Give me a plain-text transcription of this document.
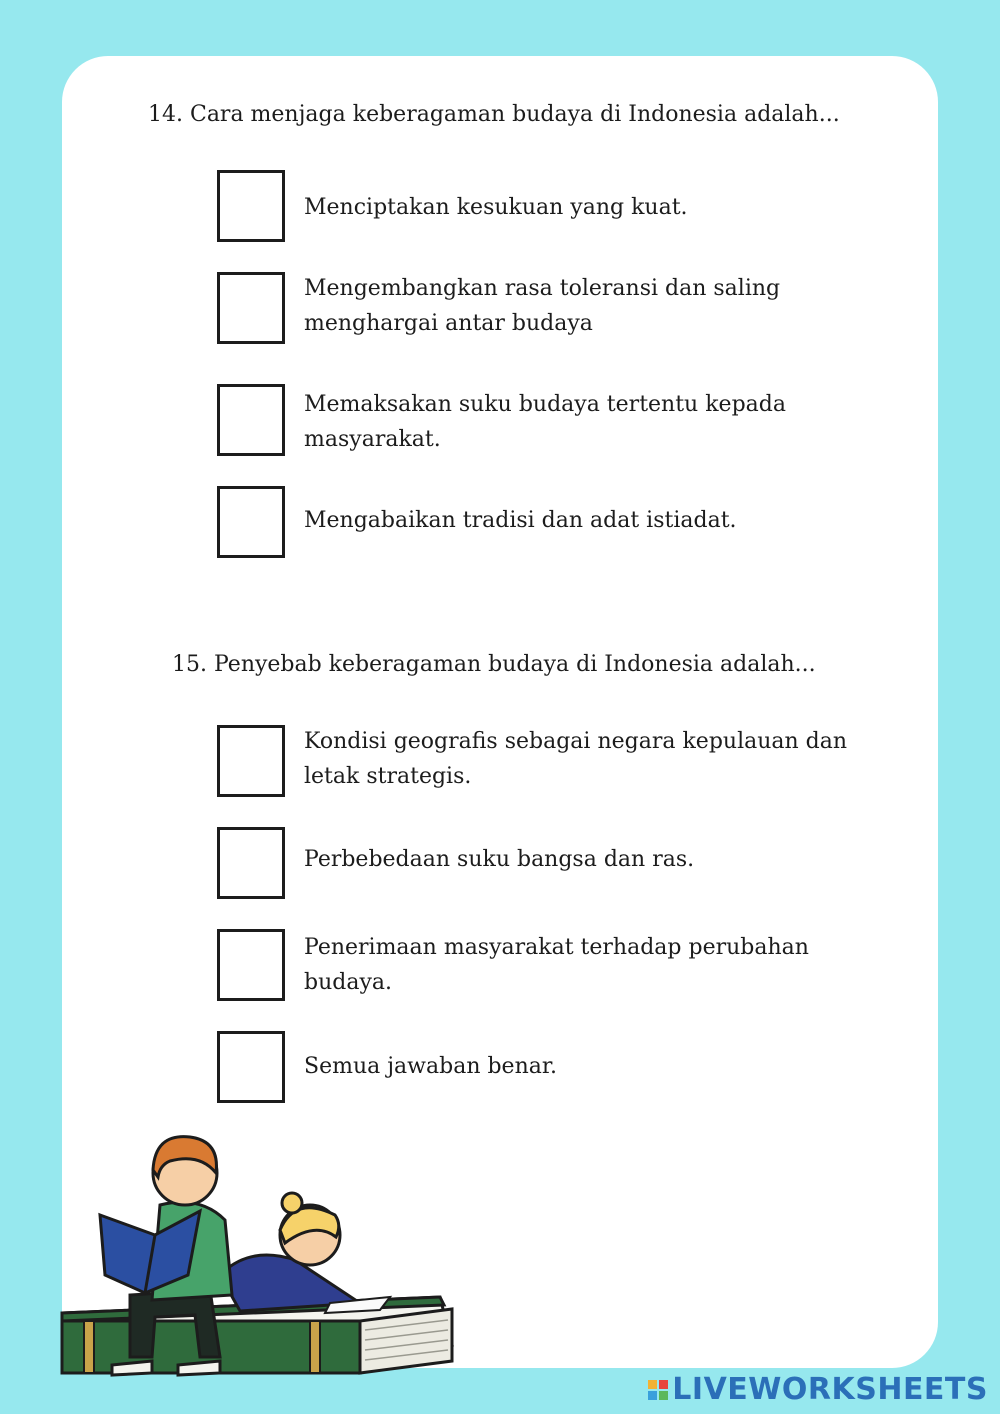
14. Cara menjaga keberagaman budaya di Indonesia adalah...
Menciptakan kesukuan yang kuat.
Mengembangkan rasa toleransi dan saling menghargai antar budaya
Memaksakan suku budaya tertentu kepada masyarakat.
Mengabaikan tradisi dan adat istiadat.
15. Penyebab keberagaman budaya di Indonesia adalah...
Kondisi geografis sebagai negara kepulauan dan letak strategis.
Perbebedaan suku bangsa dan ras.
Penerimaan masyarakat terhadap perubahan budaya.
Semua jawaban benar.
LIVEWORKSHEETS
